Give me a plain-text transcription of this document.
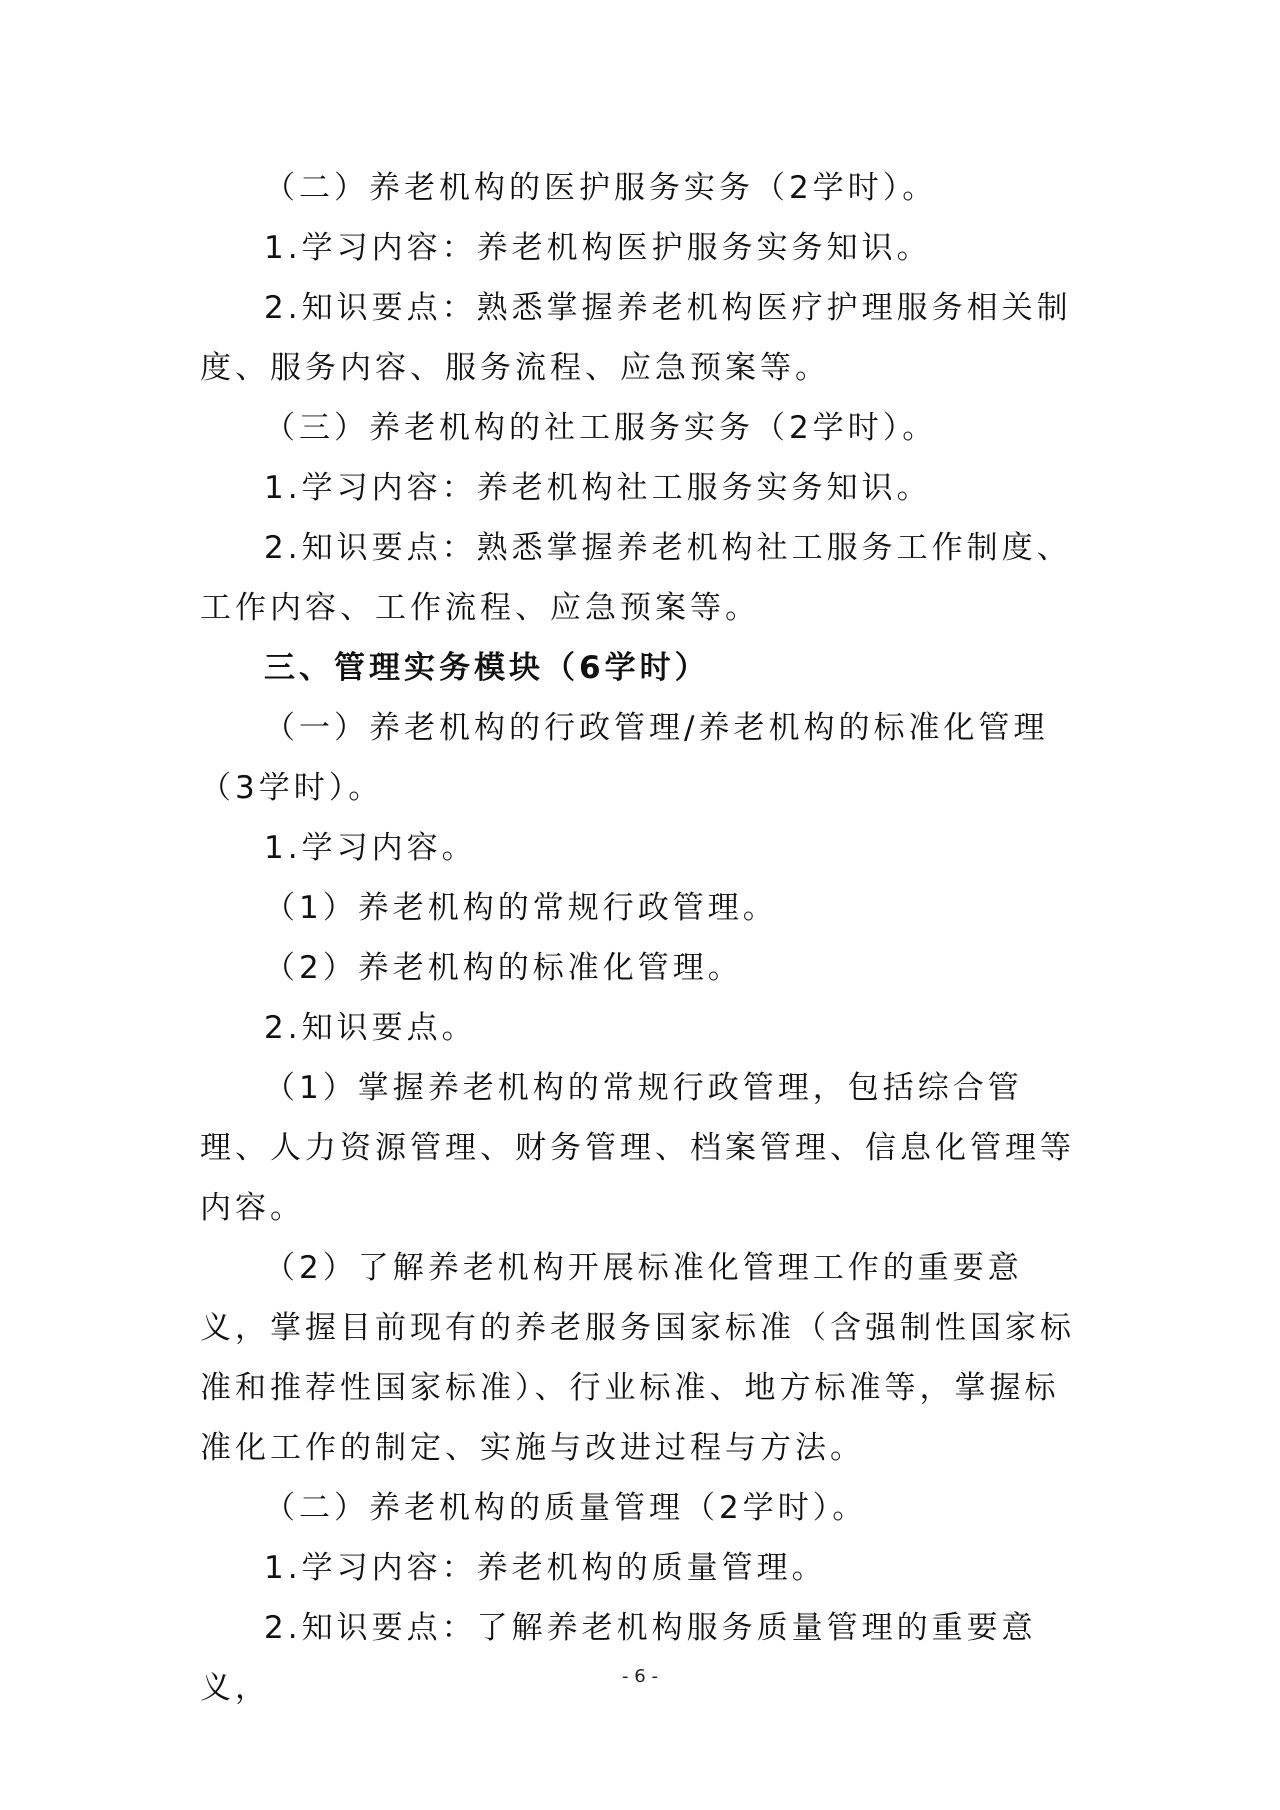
（二）养老机构的医护服务实务（2学时）。

1.学习内容：养老机构医护服务实务知识。

2.知识要点：熟悉掌握养老机构医疗护理服务相关制度、服务内容、服务流程、应急预案等。

（三）养老机构的社工服务实务（2学时）。

1.学习内容：养老机构社工服务实务知识。

2.知识要点：熟悉掌握养老机构社工服务工作制度、工作内容、工作流程、应急预案等。

三、管理实务模块（6学时）

（一）养老机构的行政管理/养老机构的标准化管理（3学时）。

1.学习内容。

（1）养老机构的常规行政管理。

（2）养老机构的标准化管理。

2.知识要点。

（1）掌握养老机构的常规行政管理，包括综合管理、人力资源管理、财务管理、档案管理、信息化管理等内容。

（2）了解养老机构开展标准化管理工作的重要意义，掌握目前现有的养老服务国家标准（含强制性国家标准和推荐性国家标准）、行业标准、地方标准等，掌握标准化工作的制定、实施与改进过程与方法。

（二）养老机构的质量管理（2学时）。

1.学习内容：养老机构的质量管理。

2.知识要点：了解养老机构服务质量管理的重要意义，	- 6 -
